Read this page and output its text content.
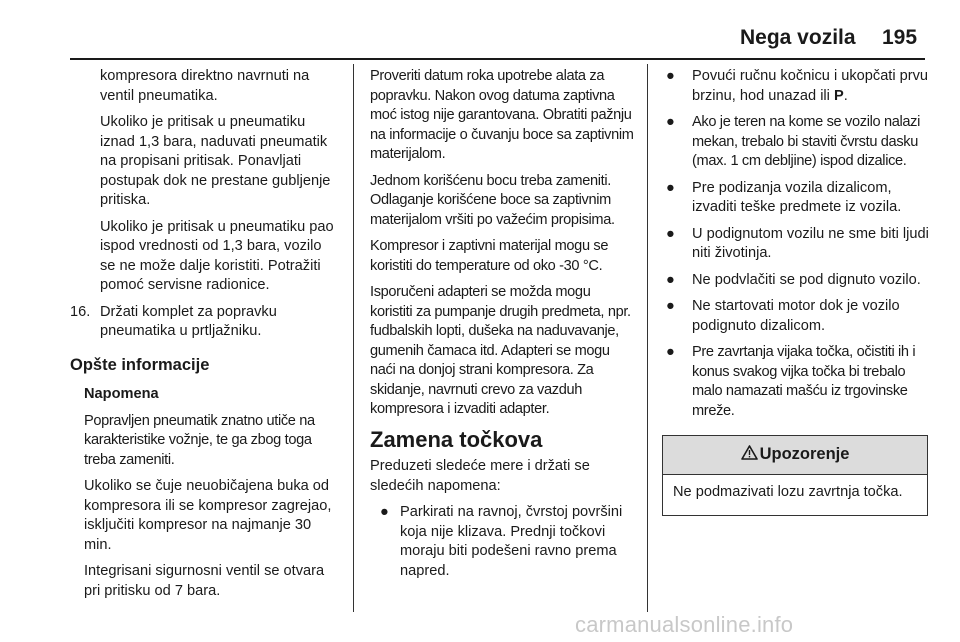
Nega vozila 195

kompresora direktno navrnuti na ventil pneumatika.

Ukoliko je pritisak u pneumatiku iznad 1,3 bara, naduvati pneumatik na propisani pritisak. Ponavljati postupak dok ne prestane gubljenje pritiska.

Ukoliko je pritisak u pneumatiku pao ispod vrednosti od 1,3 bara, vozilo se ne može dalje koristiti. Potražiti pomoć servisne radionice.

16. Držati komplet za popravku pneumatika u prtljažniku.
Opšte informacije

Napomena

Popravljen pneumatik znatno utiče na karakteristike vožnje, te ga zbog toga treba zameniti.

Ukoliko se čuje neuobičajena buka od kompresora ili se kompresor zagrejao, isključiti kompresor na najmanje 30 min.

Integrisani sigurnosni ventil se otvara pri pritisku od 7 bara.

Proveriti datum roka upotrebe alata za popravku. Nakon ovog datuma zaptivna moć istog nije garantovana. Obratiti pažnju na informacije o čuvanju boce sa zaptivnim materijalom.

Jednom korišćenu bocu treba zameniti. Odlaganje korišćene boce sa zaptivnim materijalom vršiti po važećim propisima.

Kompresor i zaptivni materijal mogu se koristiti do temperature od oko -30 °C.

Isporučeni adapteri se možda mogu koristiti za pumpanje drugih predmeta, npr. fudbalskih lopti, dušeka na naduvavanje, gumenih čamaca itd. Adapteri se mogu naći na donjoj strani kompresora. Za skidanje, navrnuti crevo za vazduh kompresora i izvaditi adapter.

Zamena točkova

Preduzeti sledeće mere i držati se sledećih napomena:

● Parkirati na ravnoj, čvrstoj površini koja nije klizava. Prednji točkovi moraju biti podešeni ravno prema napred.
● Povući ručnu kočnicu i ukopčati prvu brzinu, hod unazad ili P.
● Ako je teren na kome se vozilo nalazi mekan, trebalo bi staviti čvrstu dasku (max. 1 cm debljine) ispod dizalice.
● Pre podizanja vozila dizalicom, izvaditi teške predmete iz vozila.
● U podignutom vozilu ne sme biti ljudi niti životinja.
● Ne podvlačiti se pod dignuto vozilo.
● Ne startovati motor dok je vozilo podignuto dizalicom.
● Pre zavrtanja vijaka točka, očistiti ih i konus svakog vijka točka bi trebalo malo namazati mašću iz trgovinske mreže.
Upozorenje
Ne podmazivati lozu zavrtnja točka.
carmanualsonline.info
